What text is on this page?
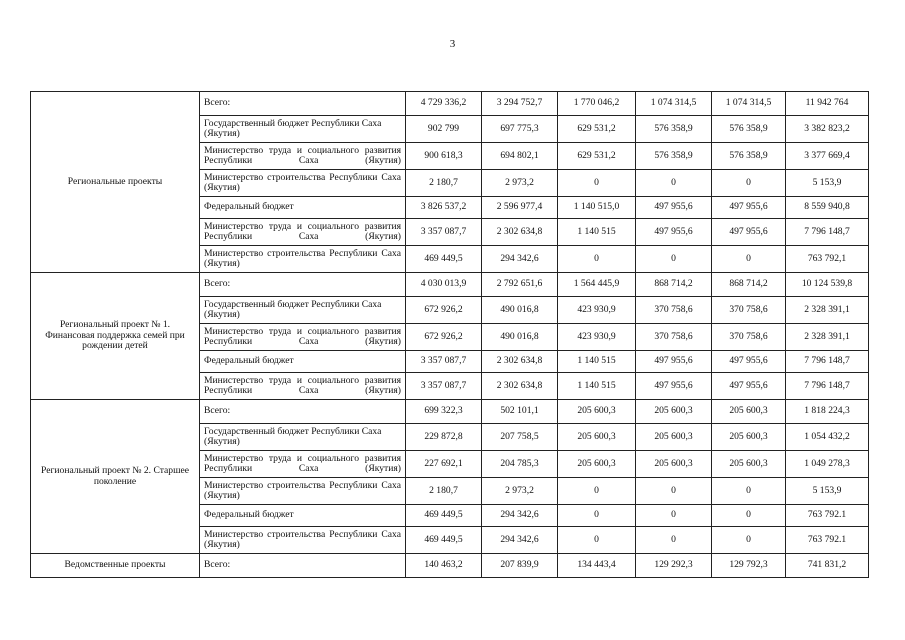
3
Региональные проекты	Всего:	4 729 336,2	3 294 752,7	1 770 046,2	1 074 314,5	1 074 314,5	11 942 764
	Государственный бюджет Республики Саха (Якутия)	902 799	697 775,3	629 531,2	576 358,9	576 358,9	3 382 823,2
	Министерство труда и социального развития Республики Саха (Якутия)	900 618,3	694 802,1	629 531,2	576 358,9	576 358,9	3 377 669,4
	Министерство строительства Республики Саха (Якутия)	2 180,7	2 973,2	0	0	0	5 153,9
	Федеральный бюджет	3 826 537,2	2 596 977,4	1 140 515,0	497 955,6	497 955,6	8 559 940,8
	Министерство труда и социального развития Республики Саха (Якутия)	3 357 087,7	2 302 634,8	1 140 515	497 955,6	497 955,6	7 796 148,7
	Министерство строительства Республики Саха (Якутия)	469 449,5	294 342,6	0	0	0	763 792,1
Региональный проект № 1. Финансовая поддержка семей при рождении детей	Всего:	4 030 013,9	2 792 651,6	1 564 445,9	868 714,2	868 714,2	10 124 539,8
	Государственный бюджет Республики Саха (Якутия)	672 926,2	490 016,8	423 930,9	370 758,6	370 758,6	2 328 391,1
	Министерство труда и социального развития Республики Саха (Якутия)	672 926,2	490 016,8	423 930,9	370 758,6	370 758,6	2 328 391,1
	Федеральный бюджет	3 357 087,7	2 302 634,8	1 140 515	497 955,6	497 955,6	7 796 148,7
	Министерство труда и социального развития Республики Саха (Якутия)	3 357 087,7	2 302 634,8	1 140 515	497 955,6	497 955,6	7 796 148,7
Региональный проект № 2. Старшее поколение	Всего:	699 322,3	502 101,1	205 600,3	205 600,3	205 600,3	1 818 224,3
	Государственный бюджет Республики Саха (Якутия)	229 872,8	207 758,5	205 600,3	205 600,3	205 600,3	1 054 432,2
	Министерство труда и социального развития Республики Саха (Якутия)	227 692,1	204 785,3	205 600,3	205 600,3	205 600,3	1 049 278,3
	Министерство строительства Республики Саха (Якутия)	2 180,7	2 973,2	0	0	0	5 153,9
	Федеральный бюджет	469 449,5	294 342,6	0	0	0	763 792.1
	Министерство строительства Республики Саха (Якутия)	469 449,5	294 342,6	0	0	0	763 792.1
Ведомственные проекты	Всего:	140 463,2	207 839,9	134 443,4	129 292,3	129 792,3	741 831,2
